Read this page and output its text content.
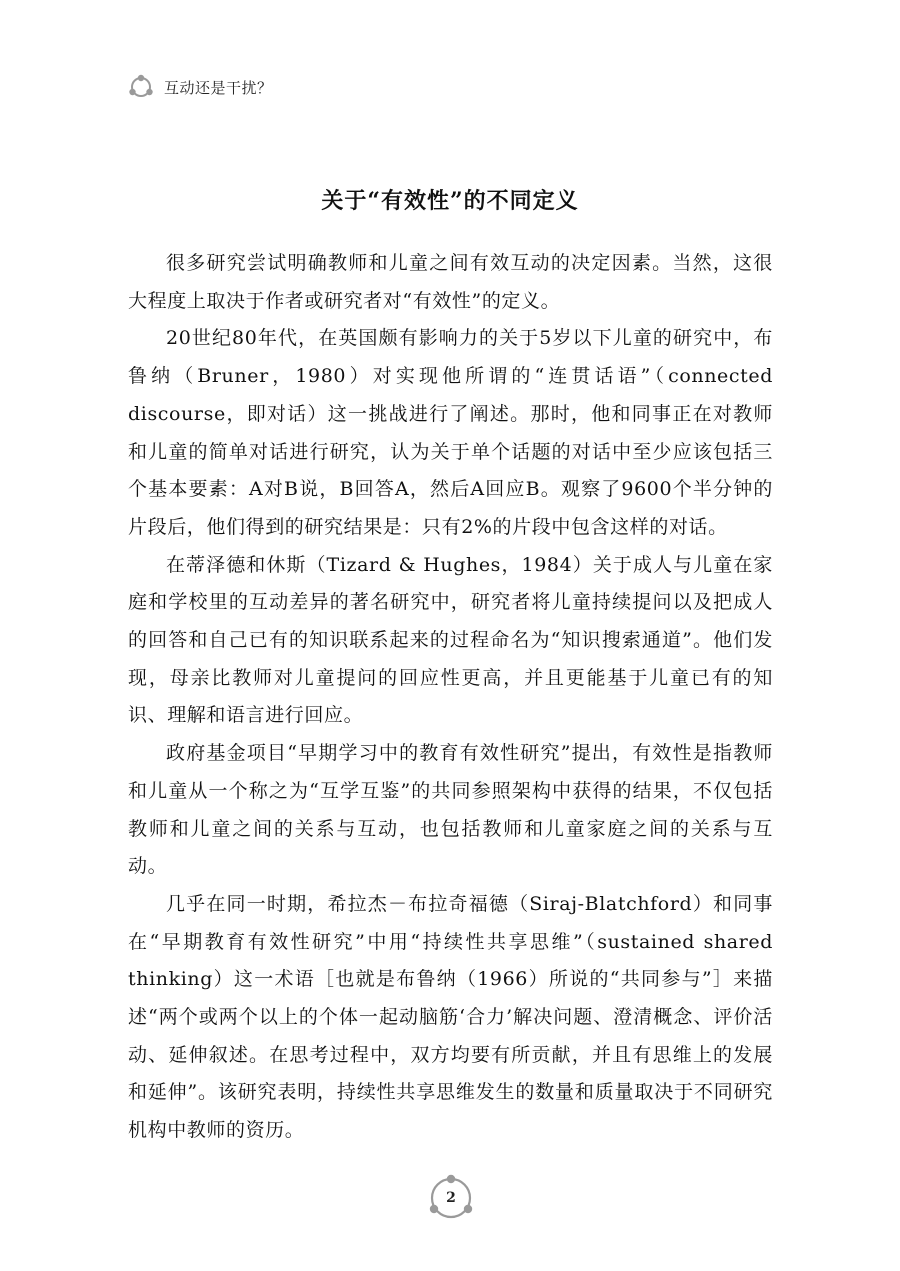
互动还是干扰？
关于“有效性”的不同定义

很多研究尝试明确教师和儿童之间有效互动的决定因素。当然，这很大程度上取决于作者或研究者对“有效性”的定义。

20世纪80年代，在英国颇有影响力的关于5岁以下儿童的研究中，布鲁纳（Bruner，1980）对实现他所谓的“连贯话语”（connected discourse，即对话）这一挑战进行了阐述。那时，他和同事正在对教师和儿童的简单对话进行研究，认为关于单个话题的对话中至少应该包括三个基本要素：A对B说，B回答A，然后A回应B。观察了9600个半分钟的片段后，他们得到的研究结果是：只有2%的片段中包含这样的对话。

在蒂泽德和休斯（Tizard & Hughes，1984）关于成人与儿童在家庭和学校里的互动差异的著名研究中，研究者将儿童持续提问以及把成人的回答和自己已有的知识联系起来的过程命名为“知识搜索通道”。他们发现，母亲比教师对儿童提问的回应性更高，并且更能基于儿童已有的知识、理解和语言进行回应。

政府基金项目“早期学习中的教育有效性研究”提出，有效性是指教师和儿童从一个称之为“互学互鉴”的共同参照架构中获得的结果，不仅包括教师和儿童之间的关系与互动，也包括教师和儿童家庭之间的关系与互动。

几乎在同一时期，希拉杰－布拉奇福德（Siraj-Blatchford）和同事在“早期教育有效性研究”中用“持续性共享思维”（sustained shared thinking）这一术语［也就是布鲁纳（1966）所说的“共同参与”］来描述“两个或两个以上的个体一起动脑筋‘合力’解决问题、澄清概念、评价活动、延伸叙述。在思考过程中，双方均要有所贡献，并且有思维上的发展和延伸”。该研究表明，持续性共享思维发生的数量和质量取决于不同研究机构中教师的资历。

2
